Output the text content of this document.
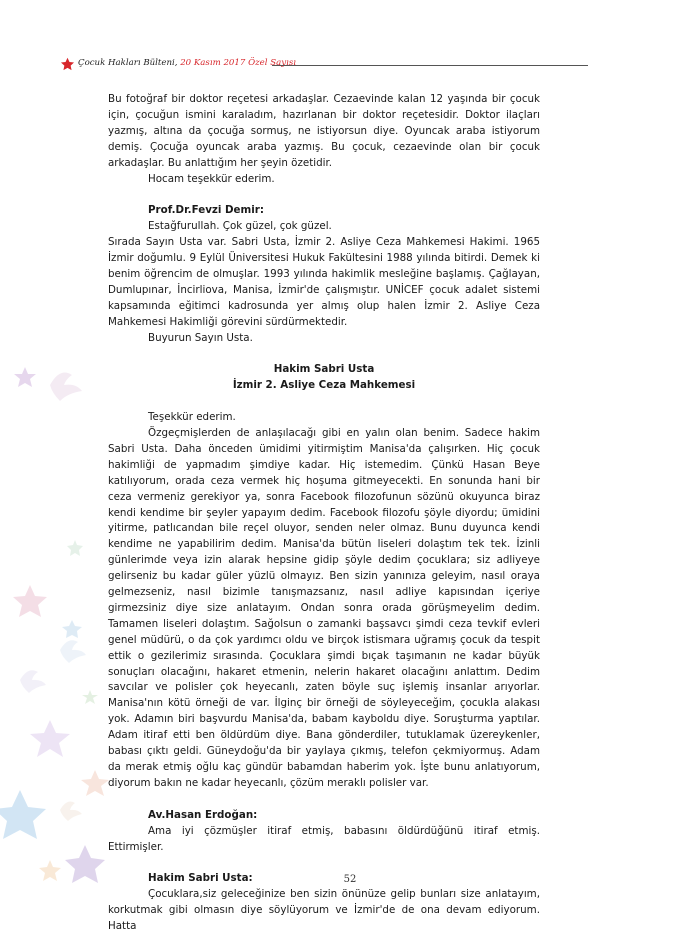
Çocuk Hakları Bülteni, 20 Kasım 2017 Özel Sayısı

Bu fotoğraf bir doktor reçetesi arkadaşlar. Cezaevinde kalan 12 yaşında bir çocuk için, çocuğun ismini karaladım, hazırlanan bir doktor reçetesidir. Doktor ilaçları yazmış, altına da çocuğa sormuş, ne istiyorsun diye. Oyuncak araba istiyorum demiş. Çocuğa oyuncak araba yazmış. Bu çocuk, cezaevinde olan bir çocuk arkadaşlar. Bu anlattığım her şeyin özetidir.

Hocam teşekkür ederim.

Prof.Dr.Fevzi Demir:

Estağfurullah. Çok güzel, çok güzel.

Sırada Sayın Usta var. Sabri Usta, İzmir 2. Asliye Ceza Mahkemesi Hakimi. 1965 İzmir doğumlu. 9 Eylül Üniversitesi Hukuk Fakültesini 1988 yılında bitirdi. Demek ki benim öğrencim de olmuşlar. 1993 yılında hakimlik mesleğine başlamış. Çağlayan, Dumlupınar, İncirliova, Manisa, İzmir'de çalışmıştır. UNİCEF çocuk adalet sistemi kapsamında eğitimci kadrosunda yer almış olup halen İzmir 2. Asliye Ceza Mahkemesi Hakimliği görevini sürdürmektedir.

Buyurun Sayın Usta.

Hakim Sabri Usta

İzmir 2. Asliye Ceza Mahkemesi

Teşekkür ederim.

Özgeçmişlerden de anlaşılacağı gibi en yalın olan benim. Sadece hakim Sabri Usta. Daha önceden ümidimi yitirmiştim Manisa'da çalışırken. Hiç çocuk hakimliği de yapmadım şimdiye kadar. Hiç istemedim. Çünkü Hasan Beye katılıyorum, orada ceza vermek hiç hoşuma gitmeyecekti. En sonunda hani bir ceza vermeniz gerekiyor ya, sonra Facebook filozofunun sözünü okuyunca biraz kendi kendime bir şeyler yapayım dedim. Facebook filozofu şöyle diyordu; ümidini yitirme, patlıcandan bile reçel oluyor, senden neler olmaz. Bunu duyunca kendi kendime ne yapabilirim dedim. Manisa'da bütün liseleri dolaştım tek tek. İzinli günlerimde veya izin alarak hepsine gidip şöyle dedim çocuklara; siz adliyeye gelirseniz bu kadar güler yüzlü olmayız. Ben sizin yanınıza geleyim, nasıl oraya gelmezseniz, nasıl bizimle tanışmazsanız, nasıl adliye kapısından içeriye girmezsiniz diye size anlatayım. Ondan sonra orada görüşmeyelim dedim. Tamamen liseleri dolaştım. Sağolsun o zamanki başsavcı şimdi ceza tevkif evleri genel müdürü, o da çok yardımcı oldu ve birçok istismara uğramış çocuk da tespit ettik o gezilerimiz sırasında. Çocuklara şimdi bıçak taşımanın ne kadar büyük sonuçları olacağını, hakaret etmenin, nelerin hakaret olacağını anlattım. Dedim savcılar ve polisler çok heyecanlı, zaten böyle suç işlemiş insanlar arıyorlar. Manisa'nın kötü örneği de var. İlginç bir örneği de söyleyeceğim, çocukla alakası yok. Adamın biri başvurdu Manisa'da, babam kayboldu diye. Soruşturma yaptılar. Adam itiraf etti ben öldürdüm diye. Bana gönderdiler, tutuklamak üzereykenler, babası çıktı geldi. Güneydoğu'da bir yaylaya çıkmış, telefon çekmiyormuş. Adam da merak etmiş oğlu kaç gündür babamdan haberim yok. İşte bunu anlatıyorum, diyorum bakın ne kadar heyecanlı, çözüm meraklı polisler var.

Av.Hasan Erdoğan:

Ama iyi çözmüşler itiraf etmiş, babasını öldürdüğünü itiraf etmiş. Ettirmişler.

Hakim Sabri Usta:

Çocuklara,siz geleceğinize ben sizin önünüze gelip bunları size anlatayım, korkutmak gibi olmasın diye söylüyorum ve İzmir'de de ona devam ediyorum. Hatta

52
